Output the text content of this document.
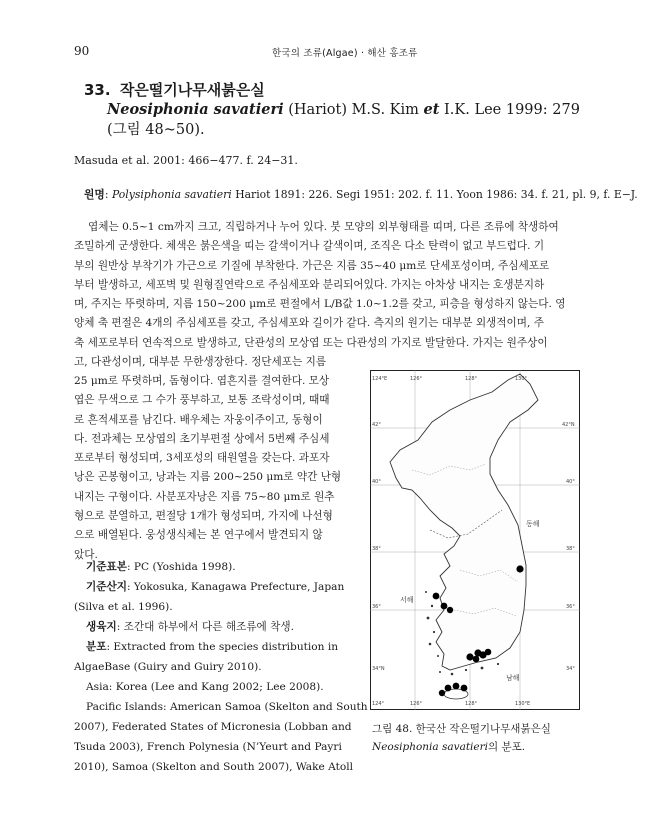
90	한국의 조류(Algae) · 해산 홍조류
33. 작은떨기나무새붉은실
Neosiphonia savatieri (Hariot) M.S. Kim et I.K. Lee 1999: 279
(그림 48~50).
Masuda et al. 2001: 466−477. f. 24−31.
원명: Polysiphonia savatieri Hariot 1891: 226. Segi 1951: 202. f. 11. Yoon 1986: 34. f. 21, pl. 9, f. E−J.
엽체는 0.5~1 cm까지 크고, 직립하거나 누어 있다. 붓 모양의 외부형태를 띠며, 다른 조류에 착생하여
조밀하게 군생한다. 체색은 붉은색을 띠는 갈색이거나 갈색이며, 조직은 다소 탄력이 없고 부드럽다. 기
부의 원반상 부착기가 가근으로 기질에 부착한다. 가근은 지름 35~40 μm로 단세포성이며, 주심세포로
부터 발생하고, 세포벽 및 원형질연락으로 주심세포와 분리되어있다. 가지는 아차상 내지는 호생분지하
며, 주지는 뚜렷하며, 지름 150~200 μm로 편절에서 L/B값 1.0~1.2를 갖고, 피층을 형성하지 않는다. 영
양체 축 편절은 4개의 주심세포를 갖고, 주심세포와 길이가 같다. 측지의 원기는 대부분 외생적이며, 주
축 세포로부터 연속적으로 발생하고, 단관성의 모상엽 또는 다관성의 가지로 발달한다. 가지는 원주상이
고, 다관성이며, 대부분 무한생장한다. 정단세포는 지름
25 μm로 뚜렷하며, 돔형이다. 엽흔지를 결여한다. 모상
엽은 무색으로 그 수가 풍부하고, 보통 조락성이며, 때때
로 흔적세포를 남긴다. 배우체는 자웅이주이고, 동형이
다. 전과체는 모상엽의 초기부편절 상에서 5번째 주심세
포로부터 형성되며, 3세포성의 태원열을 갖는다. 과포자
낭은 곤봉형이고, 낭과는 지름 200~250 μm로 약간 난형
내지는 구형이다. 사분포자낭은 지름 75~80 μm로 원추
형으로 분열하고, 편절당 1개가 형성되며, 가지에 나선형
으로 배열된다. 웅성생식체는 본 연구에서 발견되지 않
았다.
기준표본: PC (Yoshida 1998).
기준산지: Yokosuka, Kanagawa Prefecture, Japan
(Silva et al. 1996).
생육지: 조간대 하부에서 다른 해조류에 착생.
분포: Extracted from the species distribution in
AlgaeBase (Guiry and Guiry 2010).
Asia: Korea (Lee and Kang 2002; Lee 2008).
Pacific Islands: American Samoa (Skelton and South
2007), Federated States of Micronesia (Lobban and
Tsuda 2003), French Polynesia (N’Yeurt and Payri
2010), Samoa (Skelton and South 2007), Wake Atoll
124°E	126°	128°	130°
124°	126°	128°	130°E
42°
40°
38°
36°
34°N
42°N
40°
38°
36°
34°
동해
서해
남해
그림 48. 한국산 작은떨기나무새붉은실
Neosiphonia savatieri의 분포.
